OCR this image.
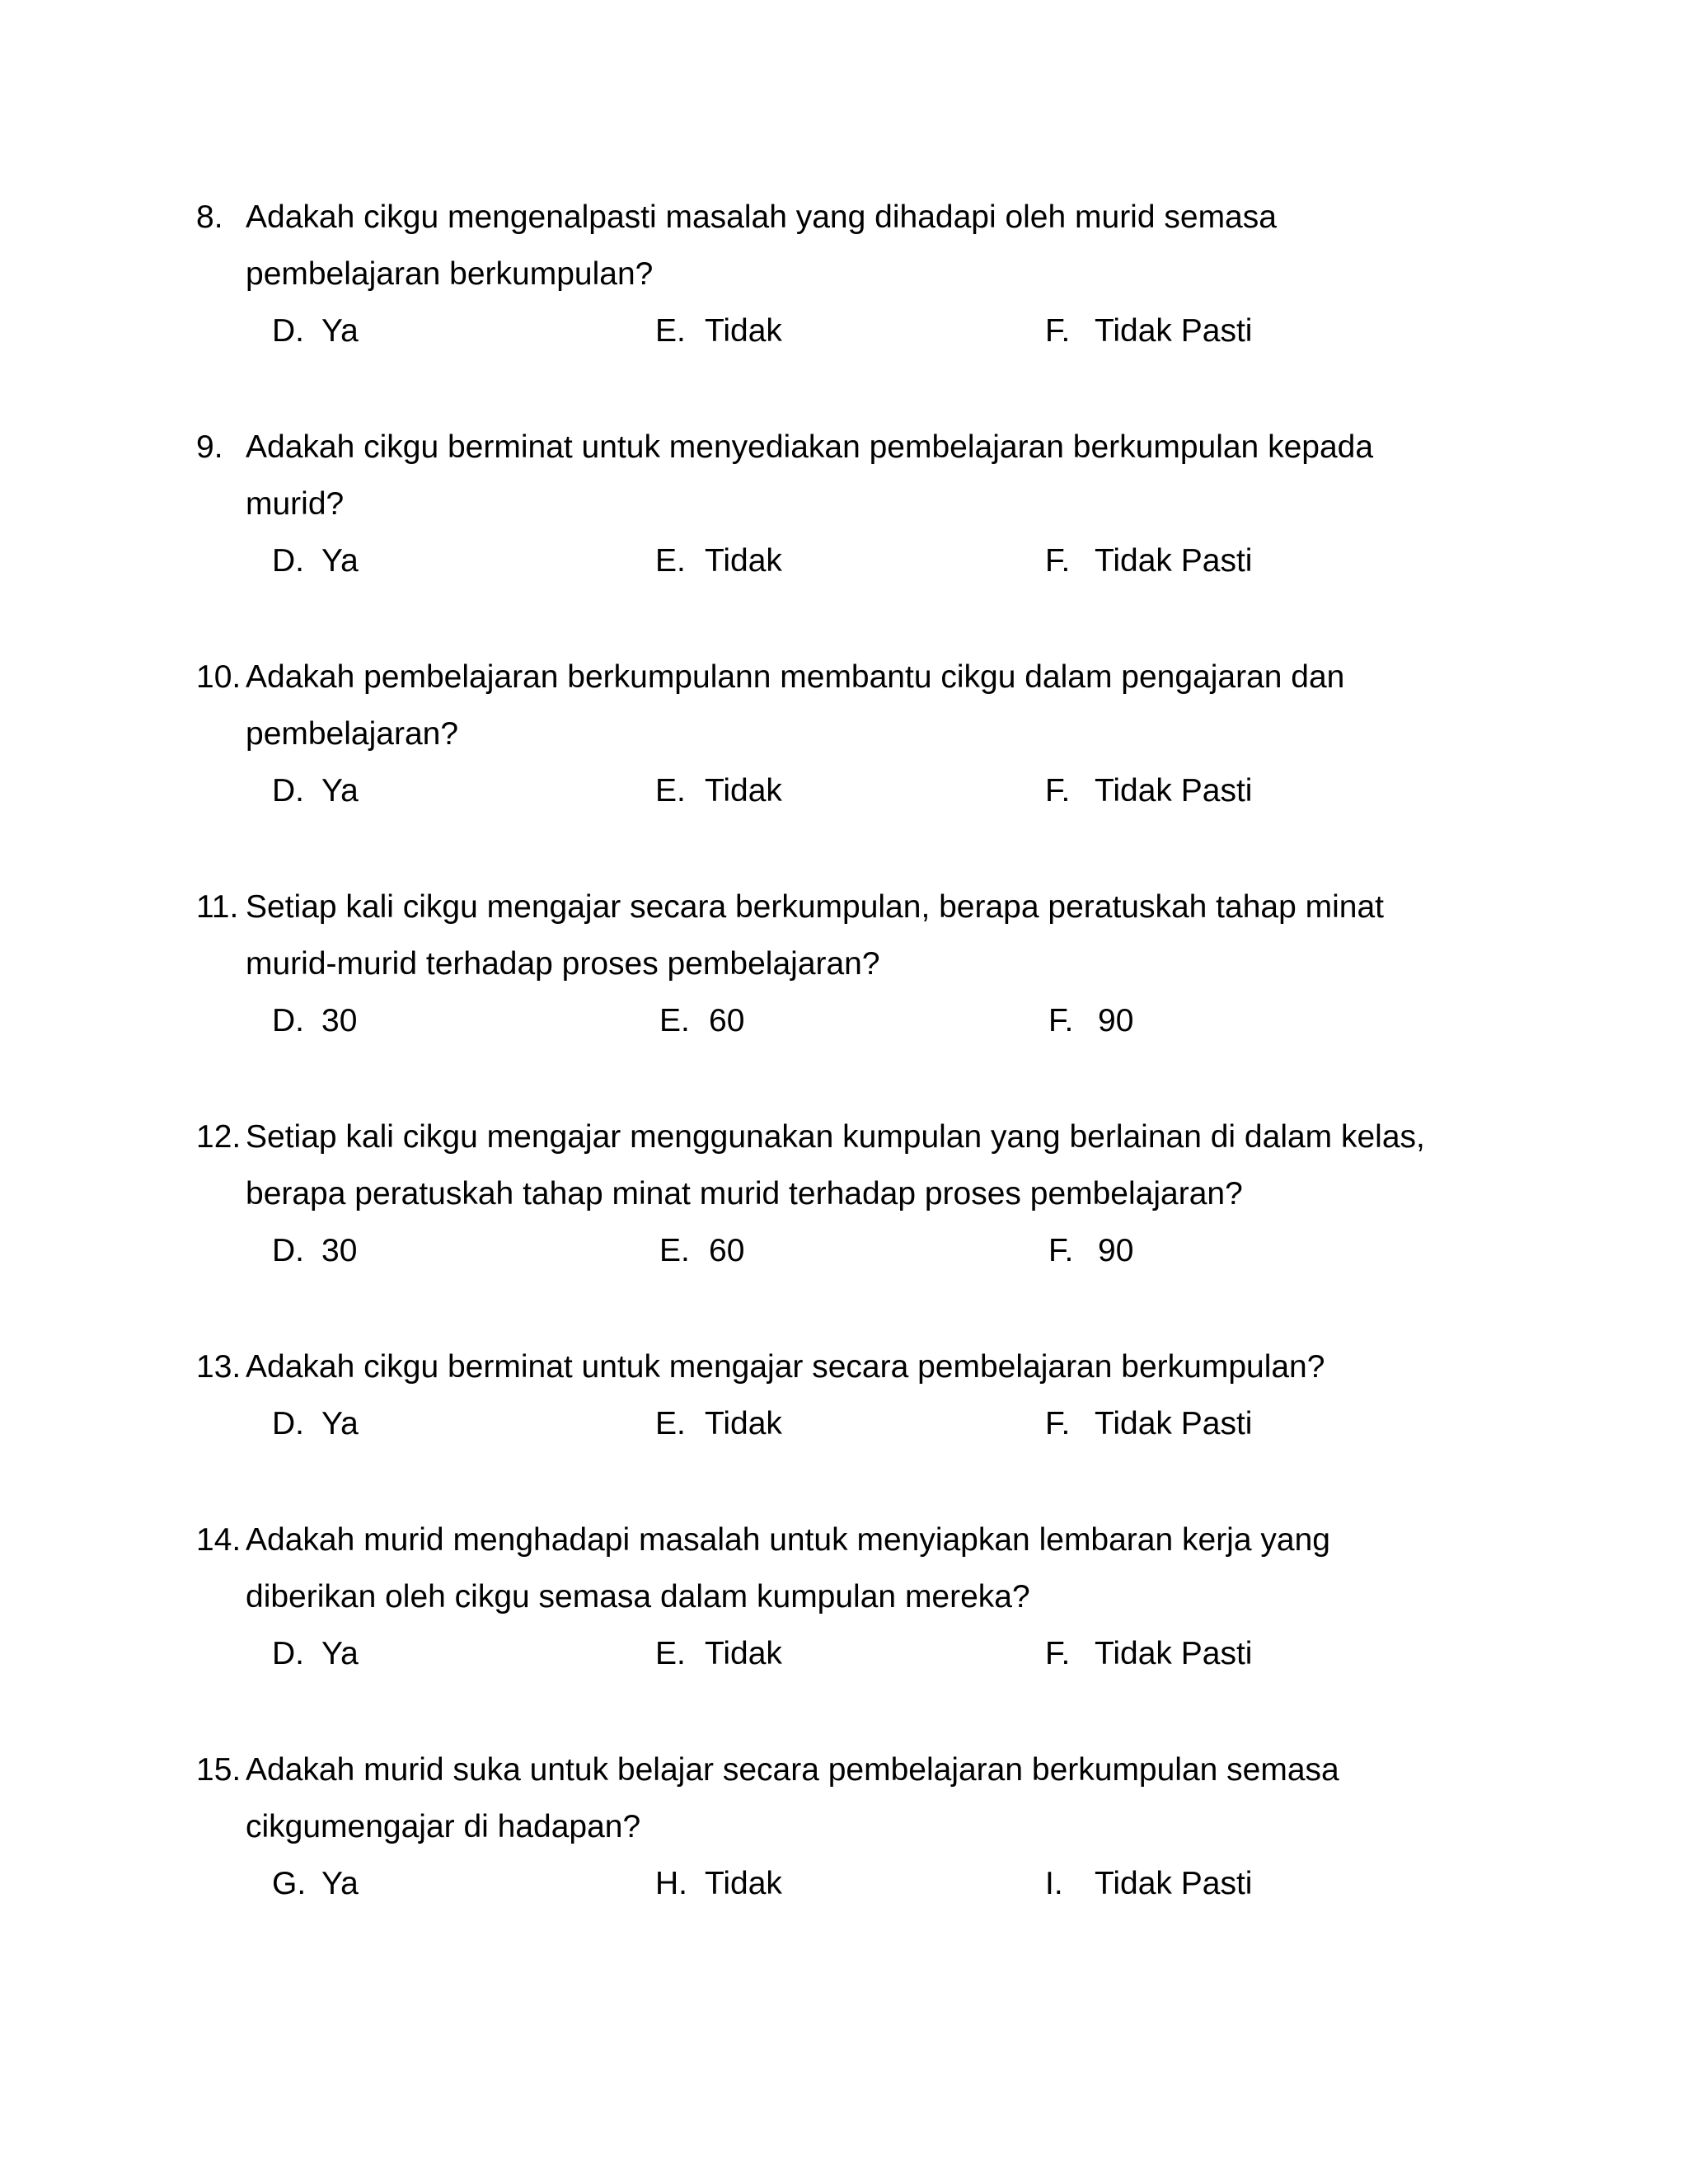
8. Adakah cikgu mengenalpasti masalah yang dihadapi oleh murid semasa
pembelajaran berkumpulan?
D. Ya	E. Tidak	F. Tidak Pasti
9. Adakah cikgu berminat untuk menyediakan pembelajaran berkumpulan kepada
murid?
D. Ya	E. Tidak	F. Tidak Pasti
10. Adakah pembelajaran berkumpulann membantu cikgu dalam pengajaran dan
pembelajaran?
D. Ya	E. Tidak	F. Tidak Pasti
11. Setiap kali cikgu mengajar secara berkumpulan, berapa peratuskah tahap minat
murid-murid terhadap proses pembelajaran?
D. 30	E. 60	F. 90
12. Setiap kali cikgu mengajar menggunakan kumpulan yang berlainan di dalam kelas,
berapa peratuskah tahap minat murid terhadap proses pembelajaran?
D. 30	E. 60	F. 90
13. Adakah cikgu berminat untuk mengajar secara pembelajaran berkumpulan?
D. Ya	E. Tidak	F. Tidak Pasti
14. Adakah murid menghadapi masalah untuk menyiapkan lembaran kerja yang
diberikan oleh cikgu semasa dalam kumpulan mereka?
D. Ya	E. Tidak	F. Tidak Pasti
15. Adakah murid suka untuk belajar secara pembelajaran berkumpulan semasa
cikgumengajar di hadapan?
G. Ya	H. Tidak	I. Tidak Pasti
